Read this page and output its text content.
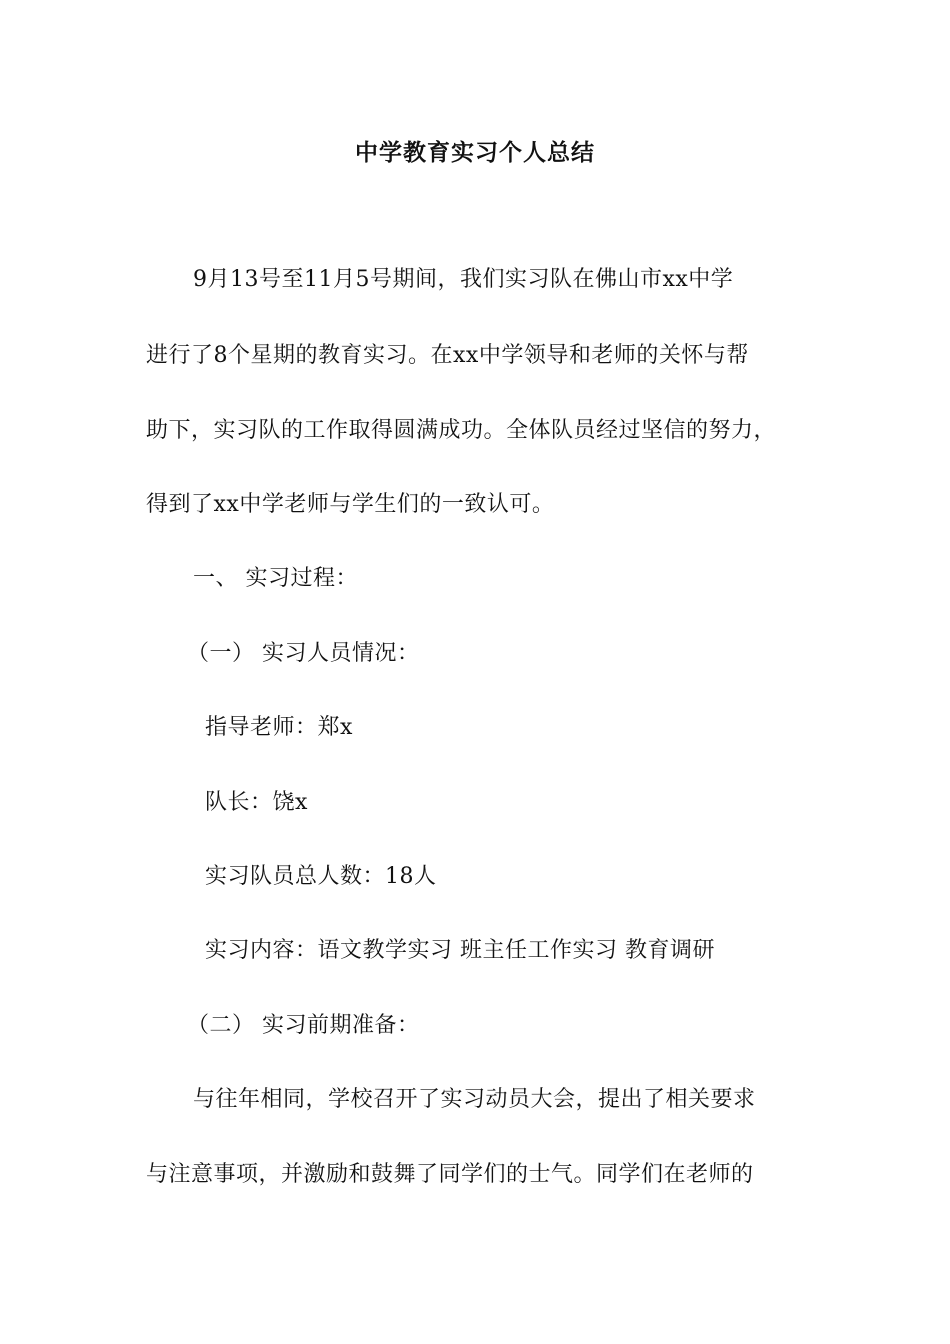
中学教育实习个人总结
9月13号至11月5号期间，我们实习队在佛山市xx中学
进行了8个星期的教育实习。在xx中学领导和老师的关怀与帮
助下，实习队的工作取得圆满成功。全体队员经过坚信的努力，
得到了xx中学老师与学生们的一致认可。
一、 实习过程：
（一） 实习人员情况：
指导老师：郑x
队长：饶x
实习队员总人数：18人
实习内容：语文教学实习 班主任工作实习 教育调研
（二） 实习前期准备：
与往年相同，学校召开了实习动员大会，提出了相关要求
与注意事项，并激励和鼓舞了同学们的士气。同学们在老师的
